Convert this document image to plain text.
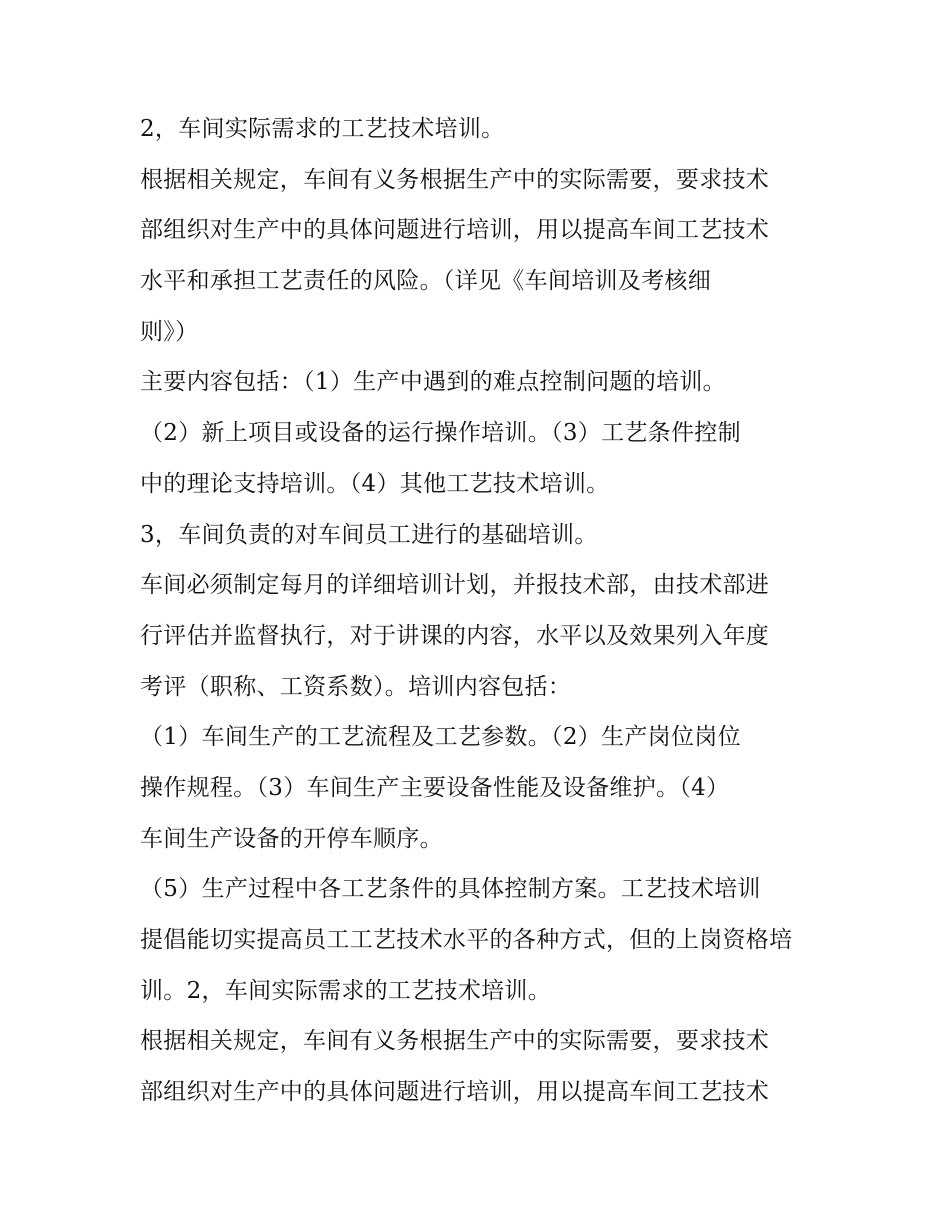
2，车间实际需求的工艺技术培训。
根据相关规定，车间有义务根据生产中的实际需要，要求技术
部组织对生产中的具体问题进行培训，用以提高车间工艺技术
水平和承担工艺责任的风险。（详见《车间培训及考核细
则》）
主要内容包括：（1）生产中遇到的难点控制问题的培训。
（2）新上项目或设备的运行操作培训。（3）工艺条件控制
中的理论支持培训。（4）其他工艺技术培训。
3，车间负责的对车间员工进行的基础培训。
车间必须制定每月的详细培训计划，并报技术部，由技术部进
行评估并监督执行，对于讲课的内容，水平以及效果列入年度
考评（职称、工资系数）。培训内容包括：
（1）车间生产的工艺流程及工艺参数。（2）生产岗位岗位
操作规程。（3）车间生产主要设备性能及设备维护。（4）
车间生产设备的开停车顺序。
（5）生产过程中各工艺条件的具体控制方案。工艺技术培训
提倡能切实提高员工工艺技术水平的各种方式，但的上岗资格培
训。2，车间实际需求的工艺技术培训。
根据相关规定，车间有义务根据生产中的实际需要，要求技术
部组织对生产中的具体问题进行培训，用以提高车间工艺技术
